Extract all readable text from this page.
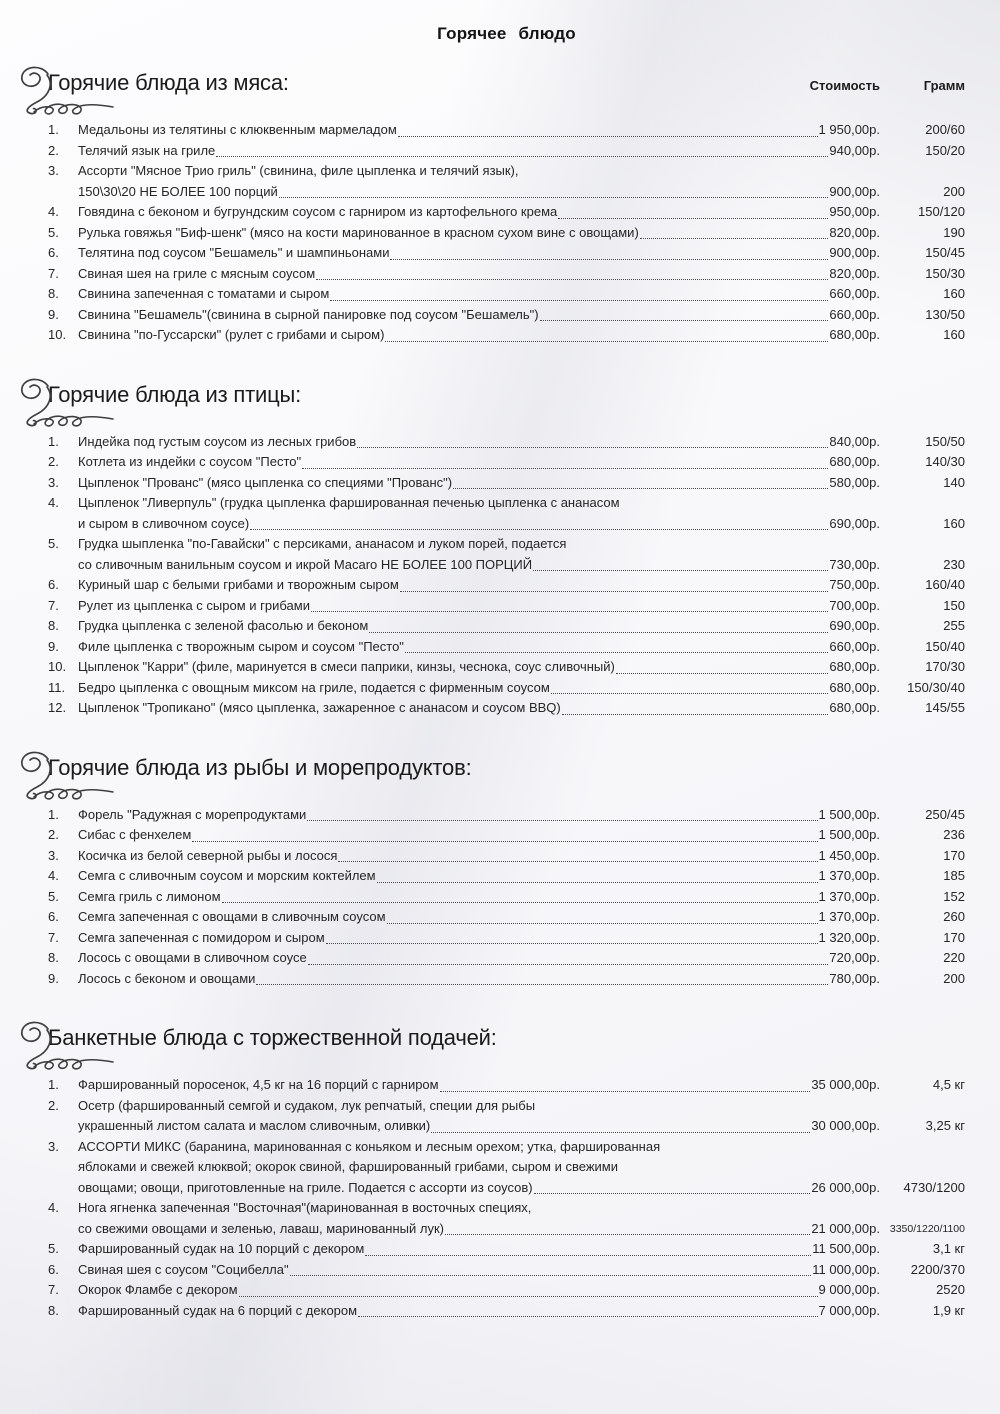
Горячее блюдо
Горячие блюда из мяса:	Стоимость	Грамм
1.	Медальоны из телятины с клюквенным мармеладом	1 950,00р.	200/60
2.	Телячий язык на гриле	940,00р.	150/20
3.	Ассорти "Мясное Трио гриль" (свинина, филе цыпленка и телячий язык),
150\30\20 НЕ БОЛЕЕ 100 порций	900,00р.	200
4.	Говядина с беконом и бугрундским соусом с гарниром из картофельного крема	950,00р.	150/120
5.	Рулька говяжья "Биф-шенк" (мясо на кости маринованное в красном сухом вине с овощами)	820,00р.	190
6.	Телятина под соусом "Бешамель" и шампиньонами	900,00р.	150/45
7.	Свиная шея на гриле с мясным соусом	820,00р.	150/30
8.	Свинина запеченная с томатами и сыром	660,00р.	160
9.	Свинина "Бешамель"(свинина в сырной панировке под соусом "Бешамель")	660,00р.	130/50
10. Свинина "по-Гуссарски" (рулет с грибами и сыром)	680,00р.	160
Горячие блюда из птицы:
1.	Индейка под густым соусом из лесных грибов	840,00р.	150/50
2.	Котлета из индейки с соусом "Песто"	680,00р.	140/30
3.	Цыпленок "Прованс" (мясо цыпленка со специями "Прованс")	580,00р.	140
4.	Цыпленок "Ливерпуль" (грудка цыпленка фаршированная печенью цыпленка с ананасом
и сыром в сливочном соусе)	690,00р.	160
5.	Грудка шыпленка "по-Гавайски" с персиками, ананасом и луком порей, подается
со сливочным ванильным соусом и икрой Macaro НЕ БОЛЕЕ 100 ПОРЦИЙ	730,00р.	230
6.	Куриный шар с белыми грибами и творожным сыром	750,00р.	160/40
7.	Рулет из цыпленка с сыром и грибами	700,00р.	150
8.	Грудка цыпленка с зеленой фасолью и беконом	690,00р.	255
9.	Филе цыпленка с творожным сыром и соусом "Песто"	660,00р.	150/40
10. Цыпленок "Карри" (филе, маринуется в смеси паприки, кинзы, чеснока, соус сливочный)	680,00р.	170/30
11. Бедро цыпленка с овощным миксом на гриле, подается с фирменным соусом	680,00р. 150/30/40
12. Цыпленок "Тропикано" (мясо цыпленка, зажаренное с ананасом и соусом BBQ)	680,00р.	145/55
Горячие блюда из рыбы и морепродуктов:
1.	Форель "Радужная с морепродуктами	1 500,00р.	250/45
2.	Сибас с фенхелем	1 500,00р.	236
3.	Косичка из белой северной рыбы и лосося	1 450,00р.	170
4.	Семга с сливочным соусом и морским коктейлем	1 370,00р.	185
5.	Семга гриль с лимоном	1 370,00р.	152
6.	Семга запеченная с овощами в сливочным соусом	1 370,00р.	260
7.	Семга запеченная с помидором и сыром	1 320,00р.	170
8.	Лосось с овощами в сливочном соусе	720,00р.	220
9.	Лосось с беконом и овощами	780,00р.	200
Банкетные блюда с торжественной подачей:
1.	Фаршированный поросенок, 4,5 кг на 16 порций с гарниром	35 000,00р.	4,5 кг
2.	Осетр (фаршированный семгой и судаком, лук репчатый, специи для рыбы
украшенный листом салата и маслом сливочным, оливки)	30 000,00р.	3,25 кг
3.	АССОРТИ МИКС (баранина, маринованная с коньяком и лесным орехом; утка, фаршированная
яблоками и свежей клюквой; окорок свиной, фаршированный грибами, сыром и свежими
овощами; овощи, приготовленные на гриле. Подается с ассорти из соусов)	26 000,00р. 4730/1200
4.	Нога ягненка запеченная "Восточная"(маринованная в восточных специях,
со свежими овощами и зеленью, лаваш, маринованный лук)	21 000,00р. 3350/1220/1100
5.	Фаршированный судак на 10 порций с декором	11 500,00р.	3,1 кг
6.	Свиная шея с соусом "Социбелла"	11 000,00р. 2200/370
7.	Окорок Фламбе с декором	9 000,00р.	2520
8.	Фаршированный судак на 6 порций с декором	7 000,00р.	1,9 кг
